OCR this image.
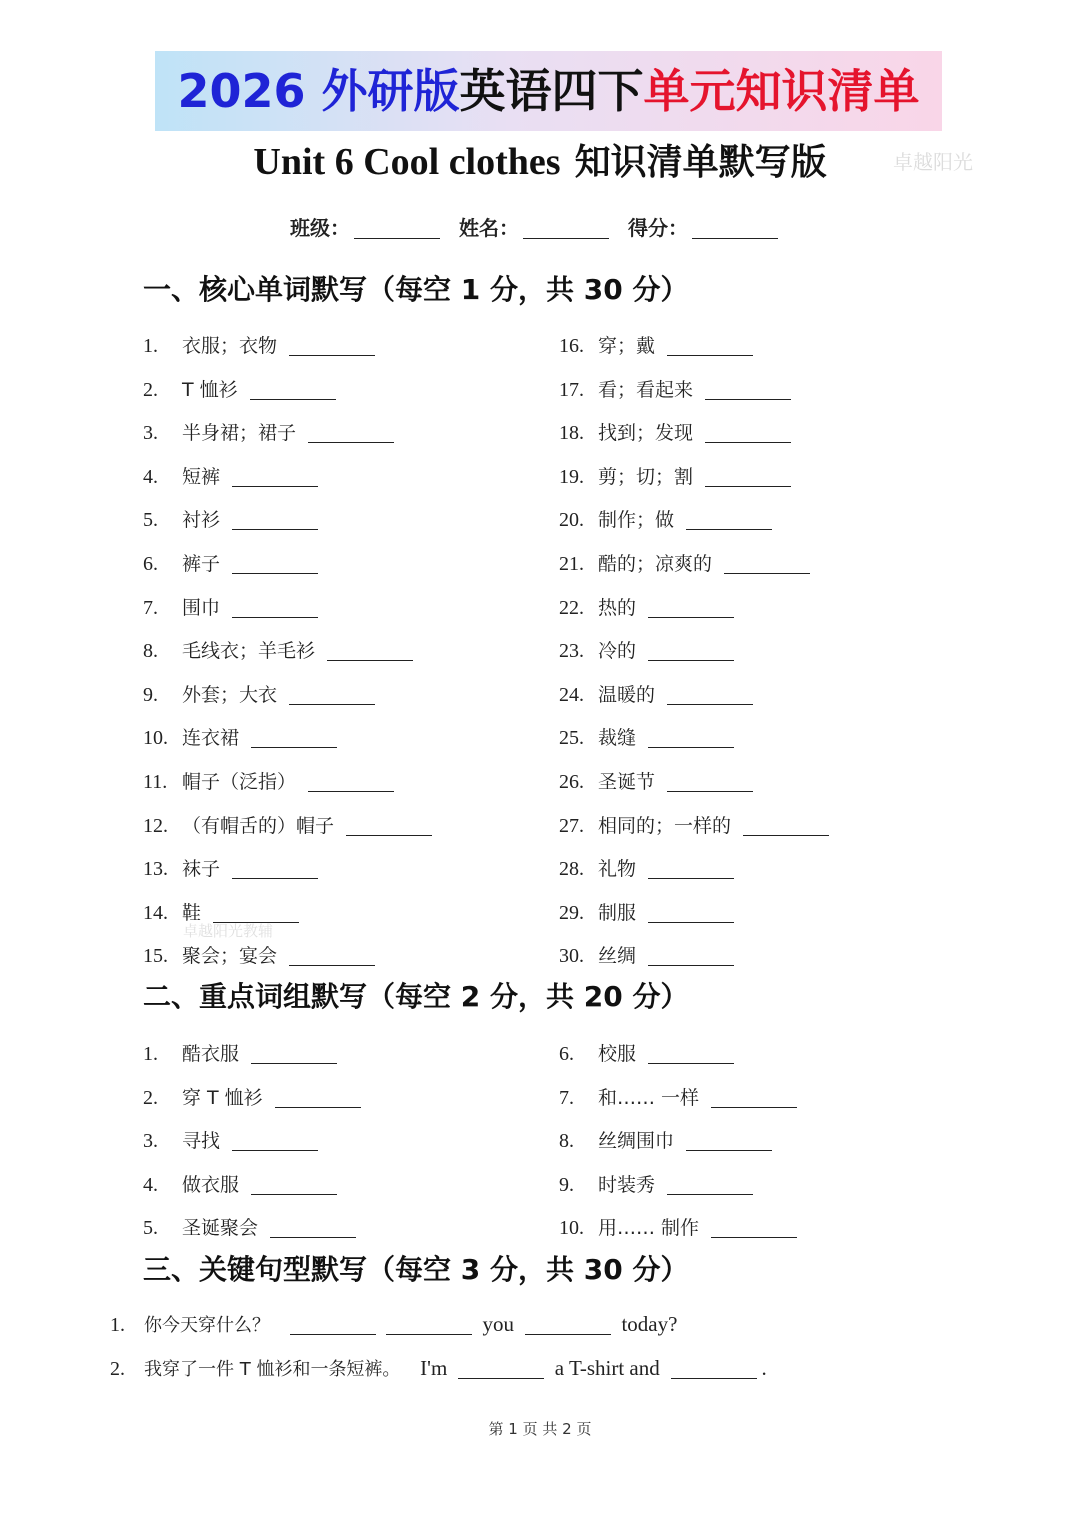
2026 外研版英语四下单元知识清单
Unit 6 Cool clothes 知识清单默写版	卓越阳光
卓越阳光教辅
班级：	姓名：	得分：
一、核心单词默写（每空 1 分，共 30 分）
1. 衣服；衣物
2. T 恤衫
3. 半身裙；裙子
4. 短裤
5. 衬衫
6. 裤子
7. 围巾
8. 毛线衣；羊毛衫
9. 外套；大衣
10. 连衣裙
11. 帽子（泛指）
12. （有帽舌的）帽子
13. 袜子
14. 鞋
15. 聚会；宴会
16. 穿；戴
17. 看；看起来
18. 找到；发现
19. 剪；切；割
20. 制作；做
21. 酷的；凉爽的
22. 热的
23. 冷的
24. 温暖的
25. 裁缝
26. 圣诞节
27. 相同的；一样的
28. 礼物
29. 制服
30. 丝绸
二、重点词组默写（每空 2 分，共 20 分）
1. 酷衣服
2. 穿 T 恤衫
3. 寻找
4. 做衣服
5. 圣诞聚会
6. 校服
7. 和…… 一样
8. 丝绸围巾
9. 时装秀
10. 用…… 制作
三、关键句型默写（每空 3 分，共 30 分）
1. 你今天穿什么？	you	today?
2. 我穿了一件 T 恤衫和一条短裤。 I'm	a T-shirt and	.
第 1 页 共 2 页
